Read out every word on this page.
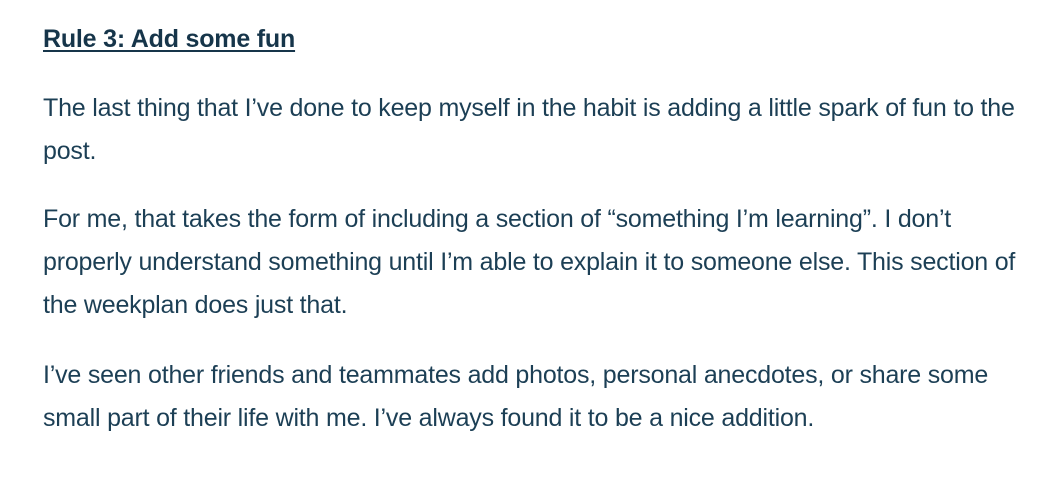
Rule 3: Add some fun

The last thing that I’ve done to keep myself in the habit is adding a little spark of fun to the post.

For me, that takes the form of including a section of “something I’m learning”. I don’t properly understand something until I’m able to explain it to someone else. This section of the weekplan does just that.

I’ve seen other friends and teammates add photos, personal anecdotes, or share some small part of their life with me. I’ve always found it to be a nice addition.
